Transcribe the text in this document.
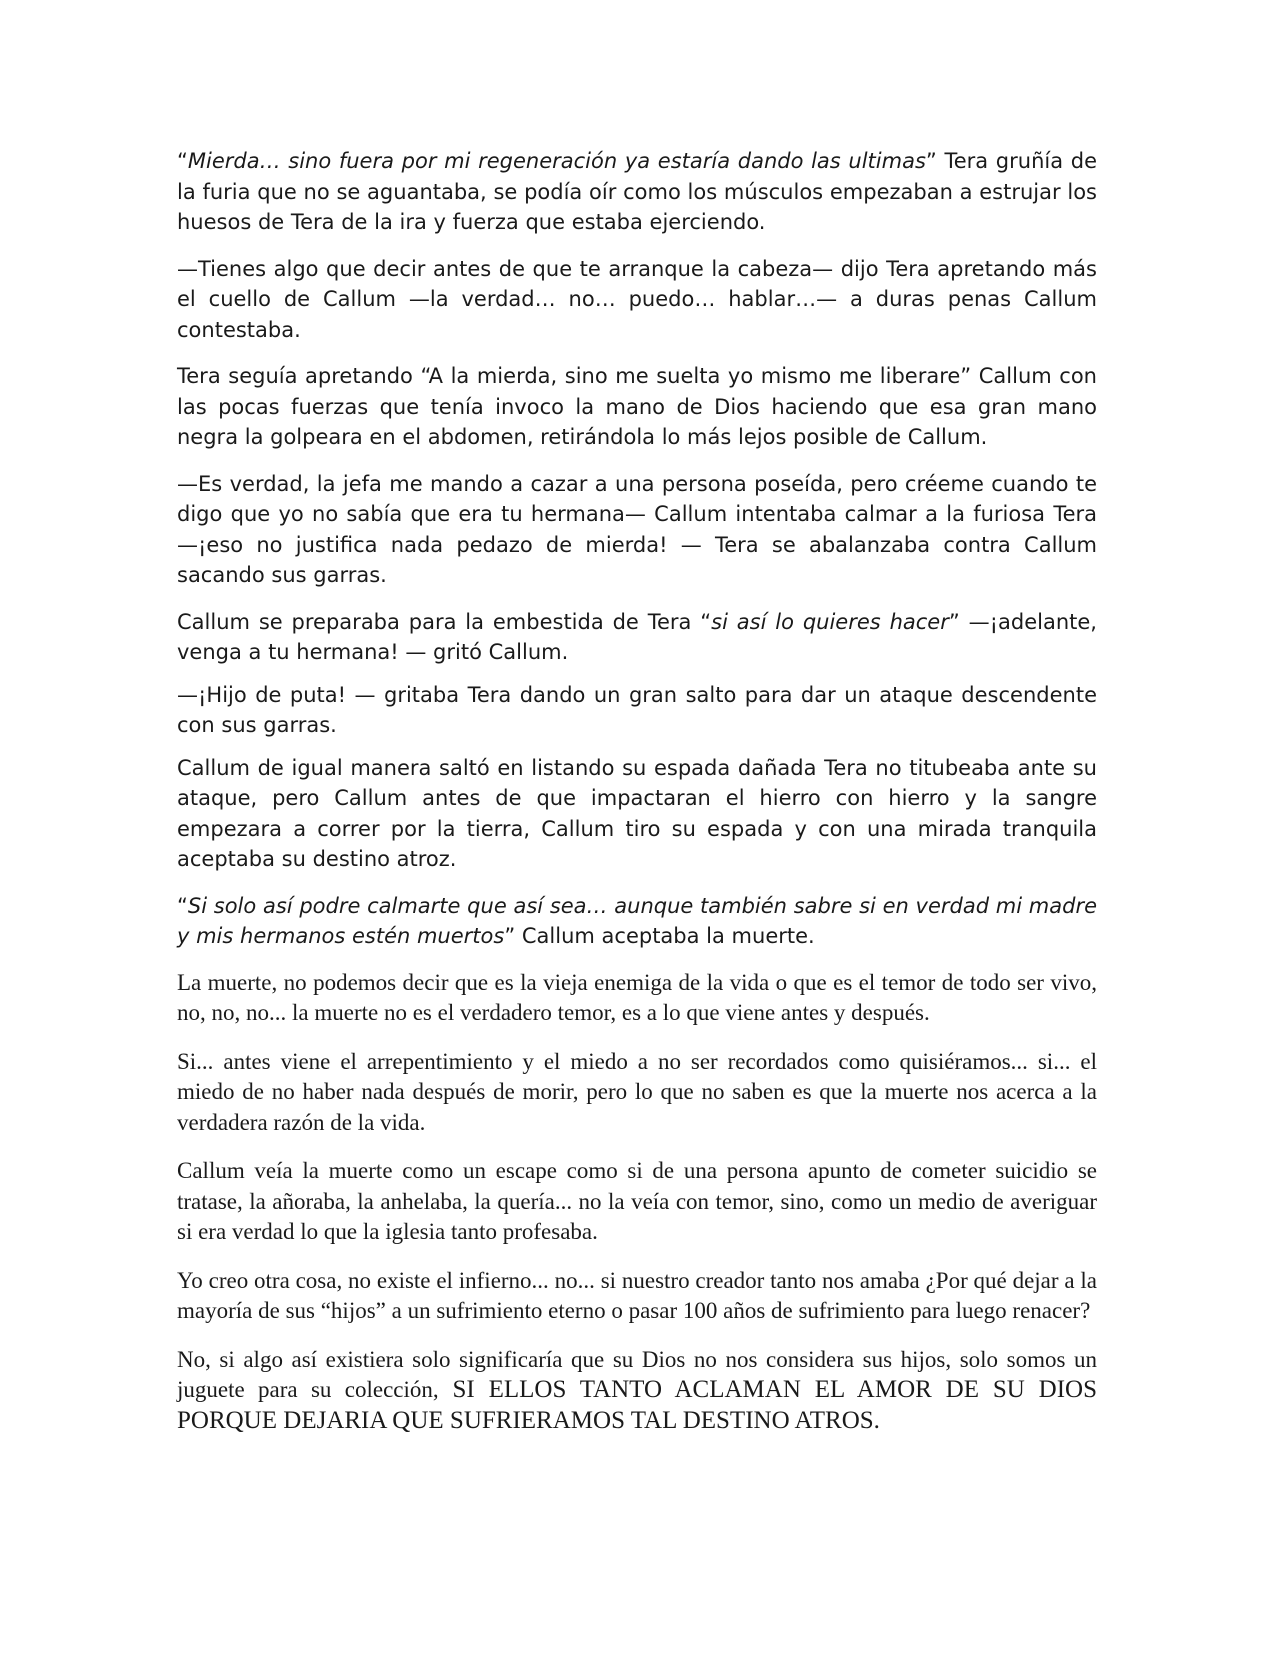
“Mierda… sino fuera por mi regeneración ya estaría dando las ultimas” Tera gruñía de la furia que no se aguantaba, se podía oír como los músculos empezaban a estrujar los huesos de Tera de la ira y fuerza que estaba ejerciendo.

—Tienes algo que decir antes de que te arranque la cabeza— dijo Tera apretando más el cuello de Callum —la verdad… no… puedo… hablar…— a duras penas Callum contestaba.

Tera seguía apretando “A la mierda, sino me suelta yo mismo me liberare” Callum con las pocas fuerzas que tenía invoco la mano de Dios haciendo que esa gran mano negra la golpeara en el abdomen, retirándola lo más lejos posible de Callum.

—Es verdad, la jefa me mando a cazar a una persona poseída, pero créeme cuando te digo que yo no sabía que era tu hermana— Callum intentaba calmar a la furiosa Tera —¡eso no justifica nada pedazo de mierda! — Tera se abalanzaba contra Callum sacando sus garras.

Callum se preparaba para la embestida de Tera “si así lo quieres hacer” —¡adelante, venga a tu hermana! — gritó Callum.

—¡Hijo de puta! — gritaba Tera dando un gran salto para dar un ataque descendente con sus garras.

Callum de igual manera saltó en listando su espada dañada Tera no titubeaba ante su ataque, pero Callum antes de que impactaran el hierro con hierro y la sangre empezara a correr por la tierra, Callum tiro su espada y con una mirada tranquila aceptaba su destino atroz.

“Si solo así podre calmarte que así sea… aunque también sabre si en verdad mi madre y mis hermanos estén muertos” Callum aceptaba la muerte.

La muerte, no podemos decir que es la vieja enemiga de la vida o que es el temor de todo ser vivo, no, no, no... la muerte no es el verdadero temor, es a lo que viene antes y después.

Si... antes viene el arrepentimiento y el miedo a no ser recordados como quisiéramos... si... el miedo de no haber nada después de morir, pero lo que no saben es que la muerte nos acerca a la verdadera razón de la vida.

Callum veía la muerte como un escape como si de una persona apunto de cometer suicidio se tratase, la añoraba, la anhelaba, la quería... no la veía con temor, sino, como un medio de averiguar si era verdad lo que la iglesia tanto profesaba.

Yo creo otra cosa, no existe el infierno... no... si nuestro creador tanto nos amaba ¿Por qué dejar a la mayoría de sus “hijos” a un sufrimiento eterno o pasar 100 años de sufrimiento para luego renacer?

No, si algo así existiera solo significaría que su Dios no nos considera sus hijos, solo somos un juguete para su colección, SI ELLOS TANTO ACLAMAN EL AMOR DE SU DIOS PORQUE DEJARIA QUE SUFRIERAMOS TAL DESTINO ATROS.
